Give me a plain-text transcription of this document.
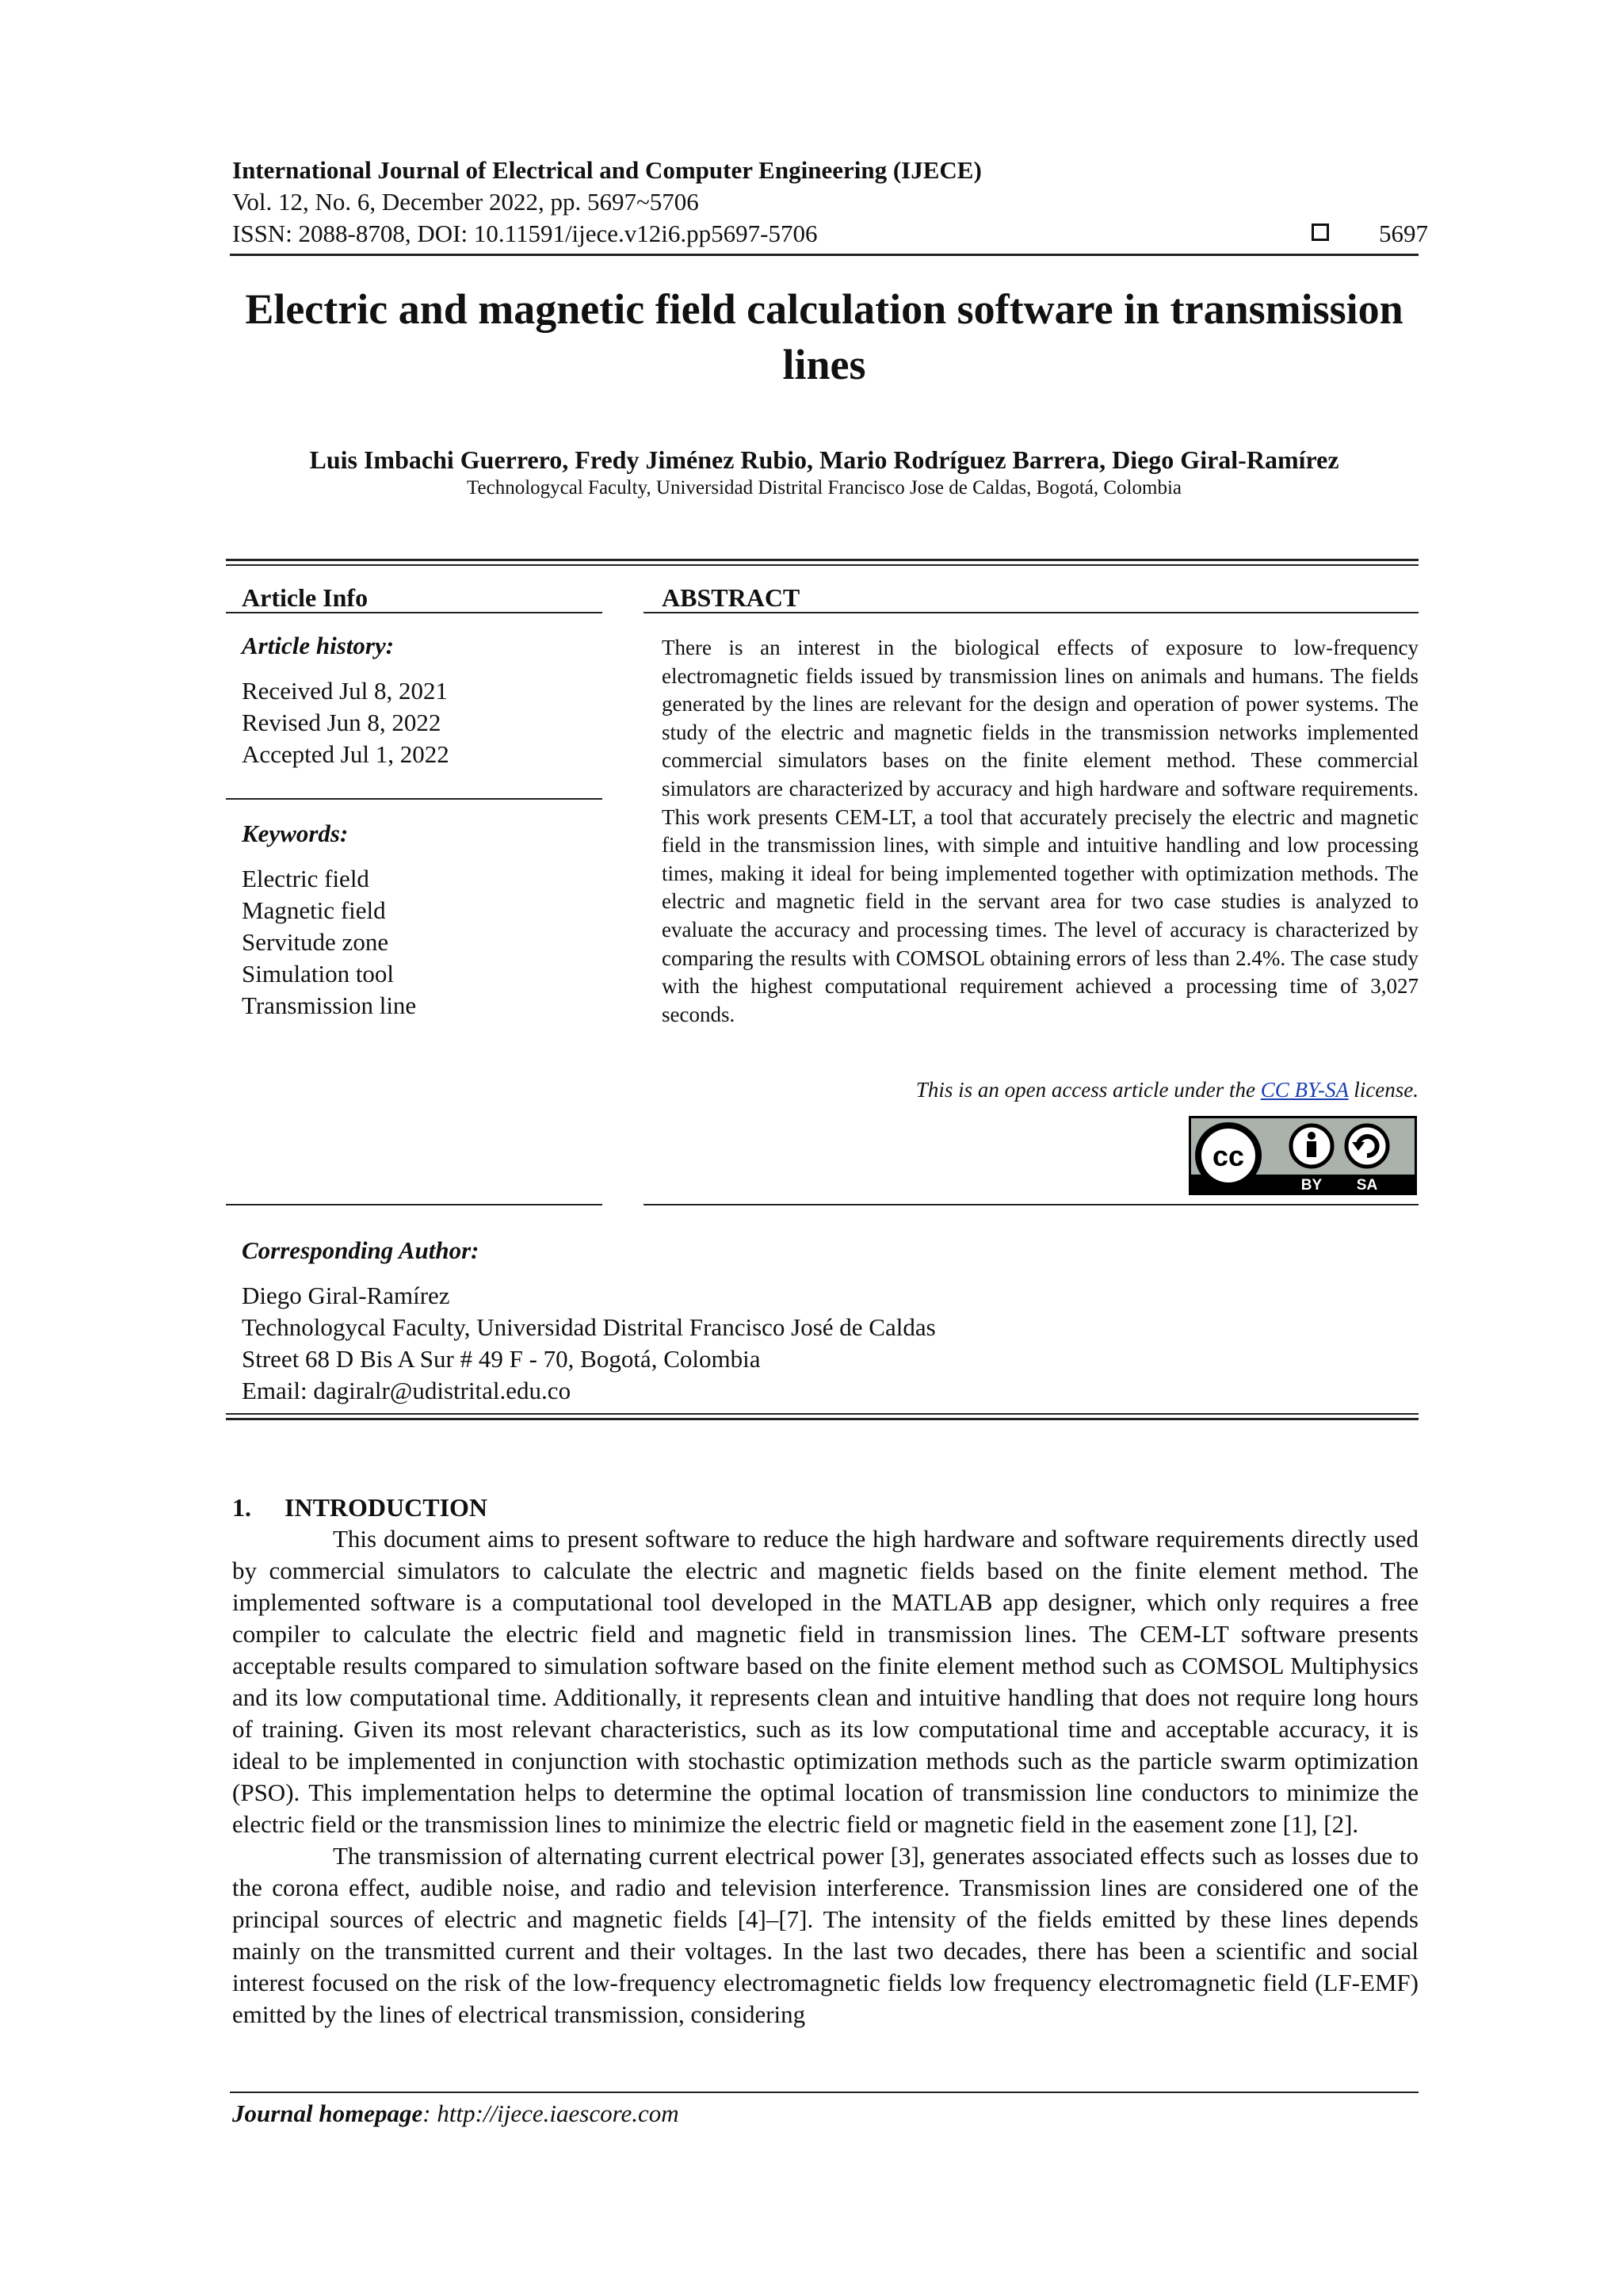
International Journal of Electrical and Computer Engineering (IJECE)
Vol. 12, No. 6, December 2022, pp. 5697~5706
ISSN: 2088-8708, DOI: 10.11591/ijece.v12i6.pp5697-5706	5697
Electric and magnetic field calculation software in transmission lines
Luis Imbachi Guerrero, Fredy Jiménez Rubio, Mario Rodríguez Barrera, Diego Giral-Ramírez
Technologycal Faculty, Universidad Distrital Francisco Jose de Caldas, Bogotá, Colombia
Article Info
Article history:
Received Jul 8, 2021
Revised Jun 8, 2022
Accepted Jul 1, 2022
Keywords:
Electric field
Magnetic field
Servitude zone
Simulation tool
Transmission line
ABSTRACT
There is an interest in the biological effects of exposure to low-frequency electromagnetic fields issued by transmission lines on animals and humans. The fields generated by the lines are relevant for the design and operation of power systems. The study of the electric and magnetic fields in the transmission networks implemented commercial simulators bases on the finite element method. These commercial simulators are characterized by accuracy and high hardware and software requirements. This work presents CEM-LT, a tool that accurately precisely the electric and magnetic field in the transmission lines, with simple and intuitive handling and low processing times, making it ideal for being implemented together with optimization methods. The electric and magnetic field in the servant area for two case studies is analyzed to evaluate the accuracy and processing times. The level of accuracy is characterized by comparing the results with COMSOL obtaining errors of less than 2.4%. The case study with the highest computational requirement achieved a processing time of 3,027 seconds.
This is an open access article under the CC BY-SA license.
cc
BY SA
Corresponding Author:
Diego Giral-Ramírez
Technologycal Faculty, Universidad Distrital Francisco José de Caldas
Street 68 D Bis A Sur # 49 F - 70, Bogotá, Colombia
Email: dagiralr@udistrital.edu.co
1. INTRODUCTION

This document aims to present software to reduce the high hardware and software requirements directly used by commercial simulators to calculate the electric and magnetic fields based on the finite element method. The implemented software is a computational tool developed in the MATLAB app designer, which only requires a free compiler to calculate the electric field and magnetic field in transmission lines. The CEM-LT software presents acceptable results compared to simulation software based on the finite element method such as COMSOL Multiphysics and its low computational time. Additionally, it represents clean and intuitive handling that does not require long hours of training. Given its most relevant characteristics, such as its low computational time and acceptable accuracy, it is ideal to be implemented in conjunction with stochastic optimization methods such as the particle swarm optimization (PSO). This implementation helps to determine the optimal location of transmission line conductors to minimize the electric field or the transmission lines to minimize the electric field or magnetic field in the easement zone [1], [2].

The transmission of alternating current electrical power [3], generates associated effects such as losses due to the corona effect, audible noise, and radio and television interference. Transmission lines are considered one of the principal sources of electric and magnetic fields [4]–[7]. The intensity of the fields emitted by these lines depends mainly on the transmitted current and their voltages. In the last two decades, there has been a scientific and social interest focused on the risk of the low-frequency electromagnetic fields low frequency electromagnetic field (LF-EMF) emitted by the lines of electrical transmission, considering

Journal homepage: http://ijece.iaescore.com
